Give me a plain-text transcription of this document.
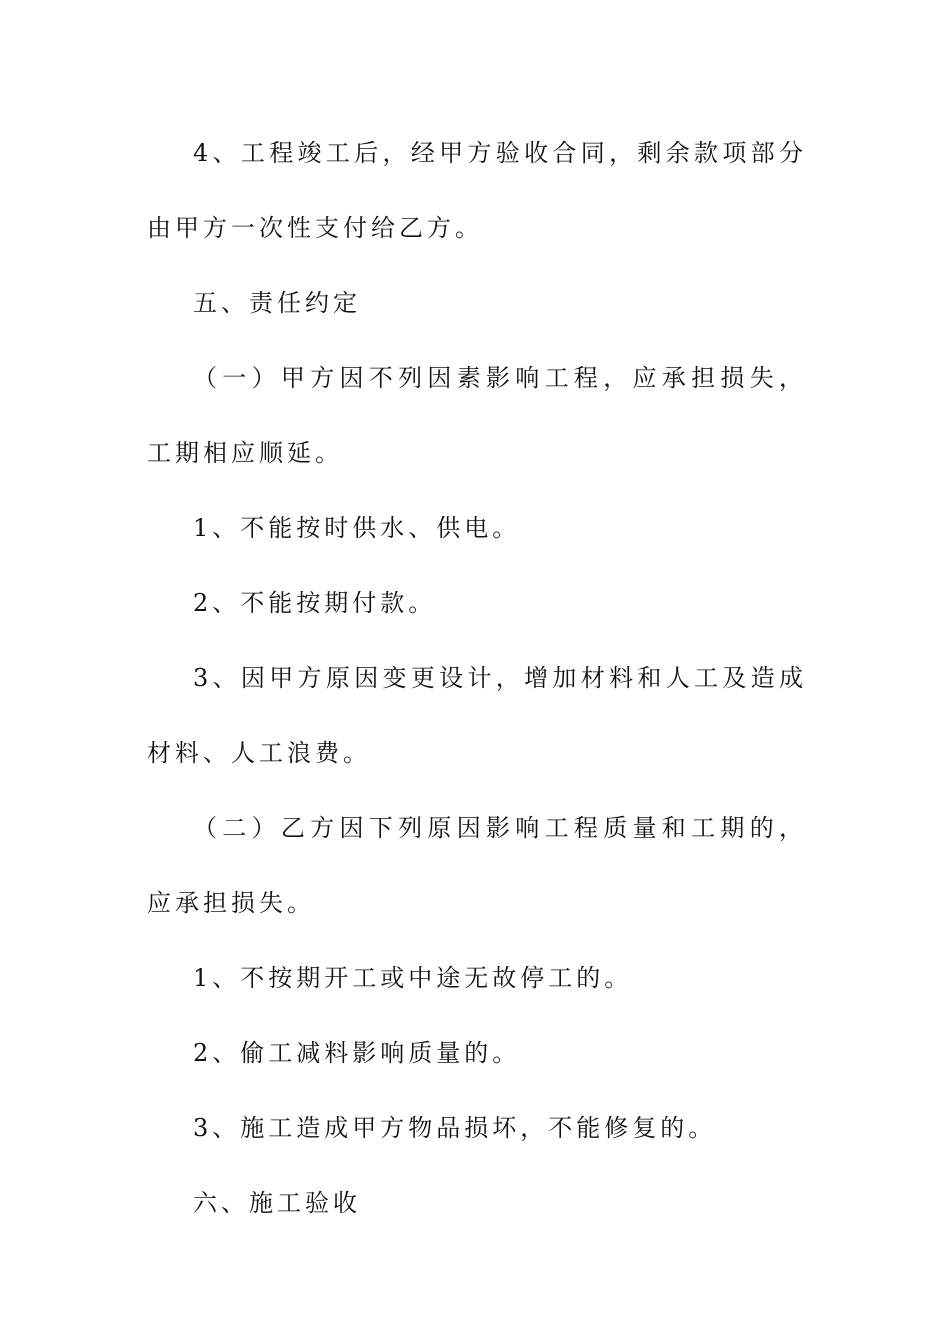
4、工程竣工后，经甲方验收合同，剩余款项部分 由甲方一次性支付给乙方。

五、责任约定

（一）甲方因不列因素影响工程，应承担损失，工期相应顺延。

1、不能按时供水、供电。

2、不能按期付款。

3、因甲方原因变更设计，增加材料和人工及造成材料、人工浪费。

（二）乙方因下列原因影响工程质量和工期的，应承担损失。

1、不按期开工或中途无故停工的。

2、偷工减料影响质量的。

3、施工造成甲方物品损坏，不能修复的。

六、施工验收
